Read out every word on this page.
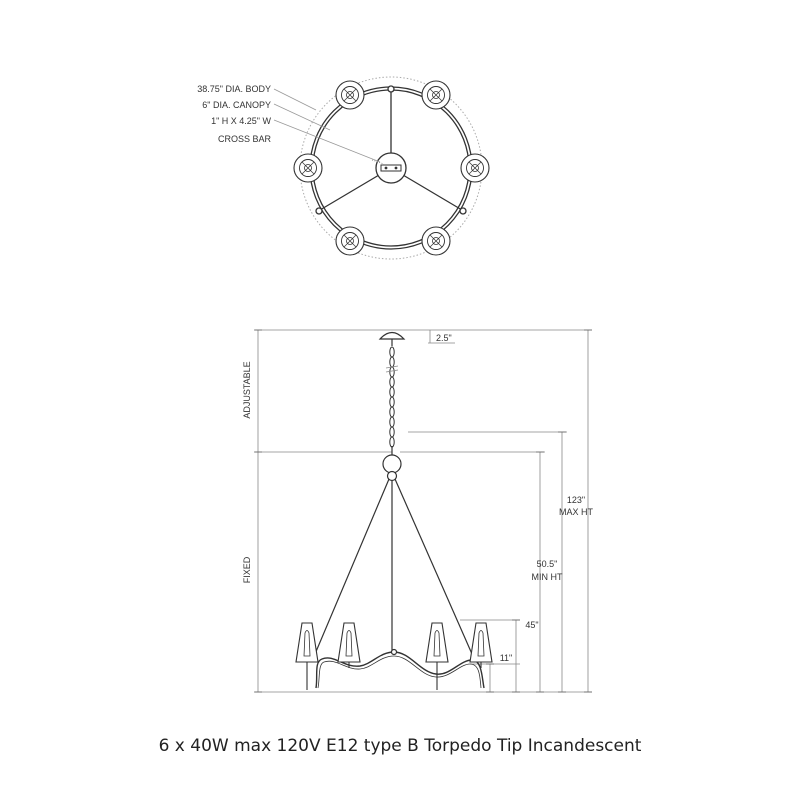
38.75" DIA. BODY
6" DIA. CANOPY
1" H X 4.25" W
CROSS BAR
ADJUSTABLE
FIXED
2.5"
123"
MAX HT
50.5"
MIN HT
45"
11"
6 x 40W max 120V E12 type B Torpedo Tip Incandescent
